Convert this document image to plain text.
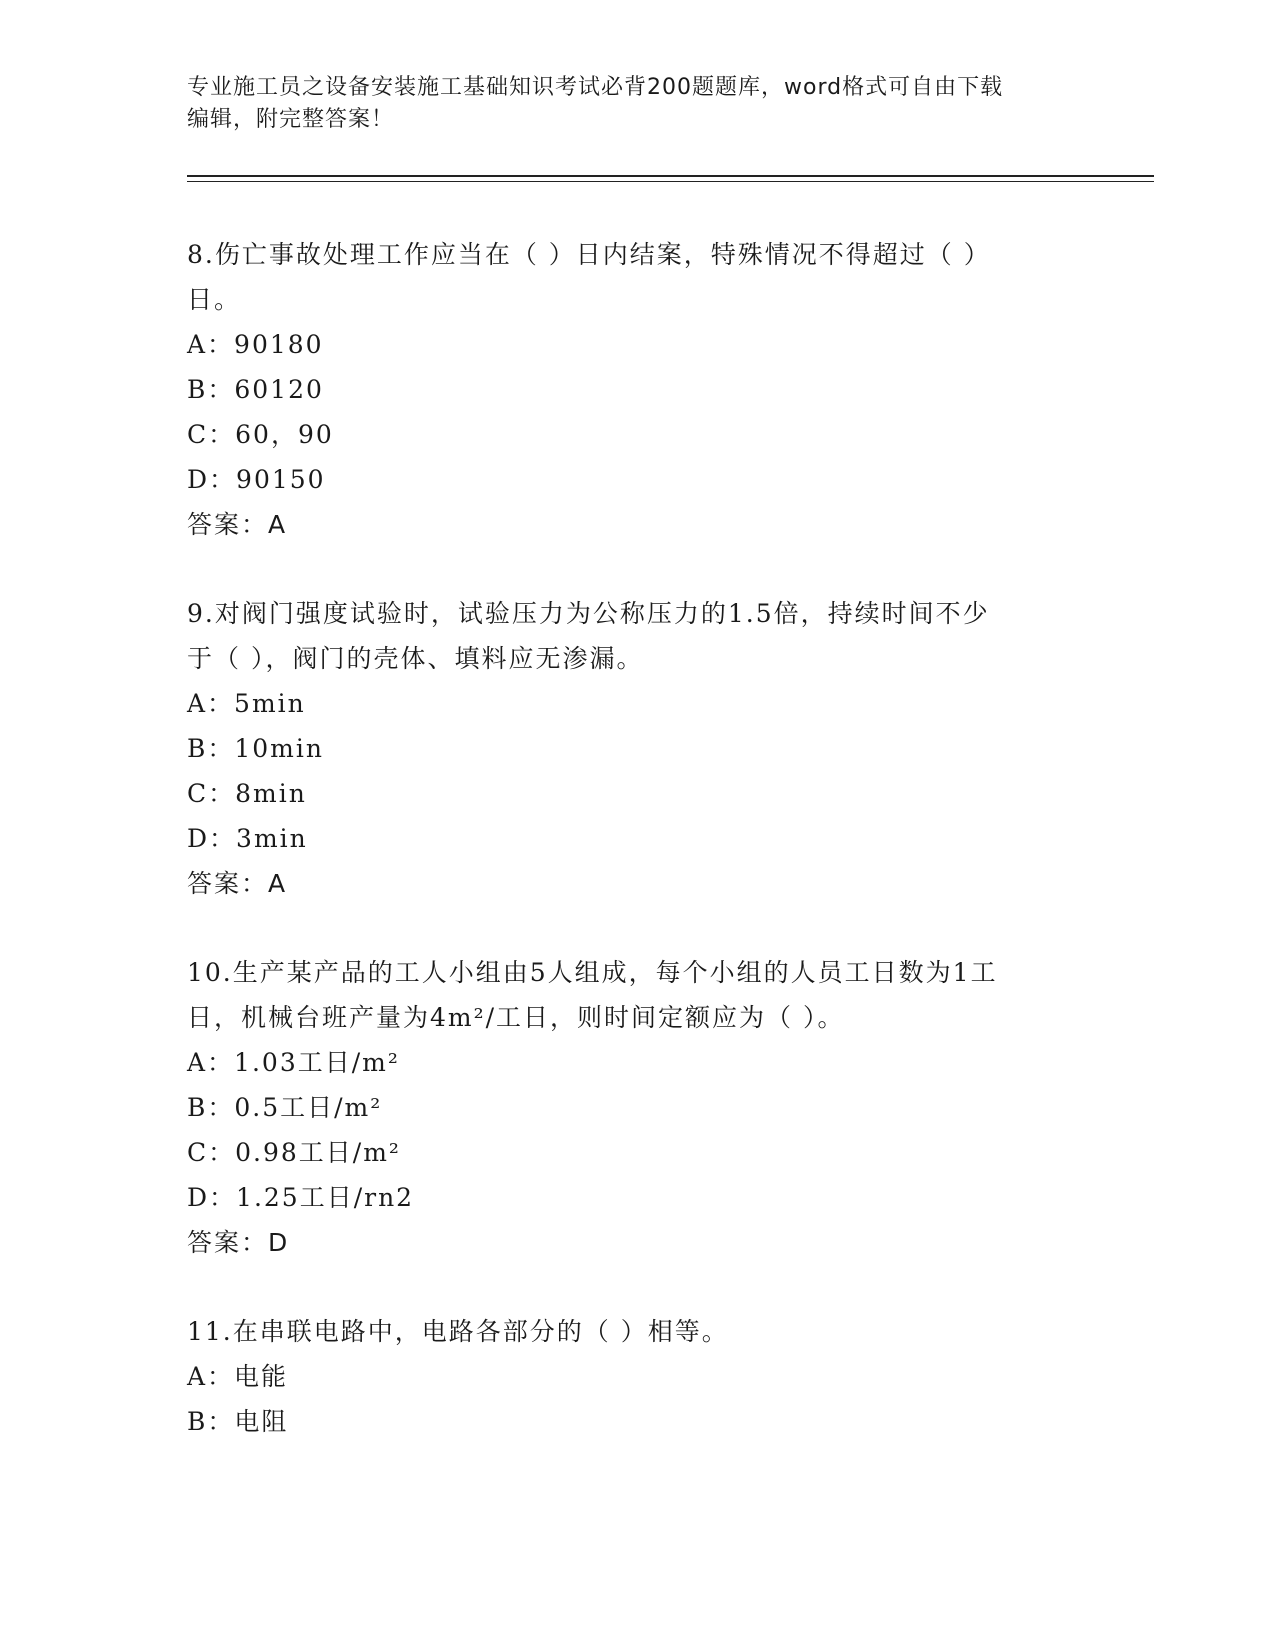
专业施工员之设备安装施工基础知识考试必背200题题库，word格式可自由下载
编辑，附完整答案！
8.伤亡事故处理工作应当在（ ）日内结案，特殊情况不得超过（ ）
日。
A：90180
B：60120
C：60，90
D：90150
答案：A
9.对阀门强度试验时，试验压力为公称压力的1.5倍，持续时间不少
于（ ），阀门的壳体、填料应无渗漏。
A：5min
B：10min
C：8min
D：3min
答案：A
10.生产某产品的工人小组由5人组成，每个小组的人员工日数为1工
日，机械台班产量为4m²/工日，则时间定额应为（ ）。
A：1.03工日/m²
B：0.5工日/m²
C：0.98工日/m²
D：1.25工日/rn2
答案：D
11.在串联电路中，电路各部分的（ ）相等。
A：电能
B：电阻
